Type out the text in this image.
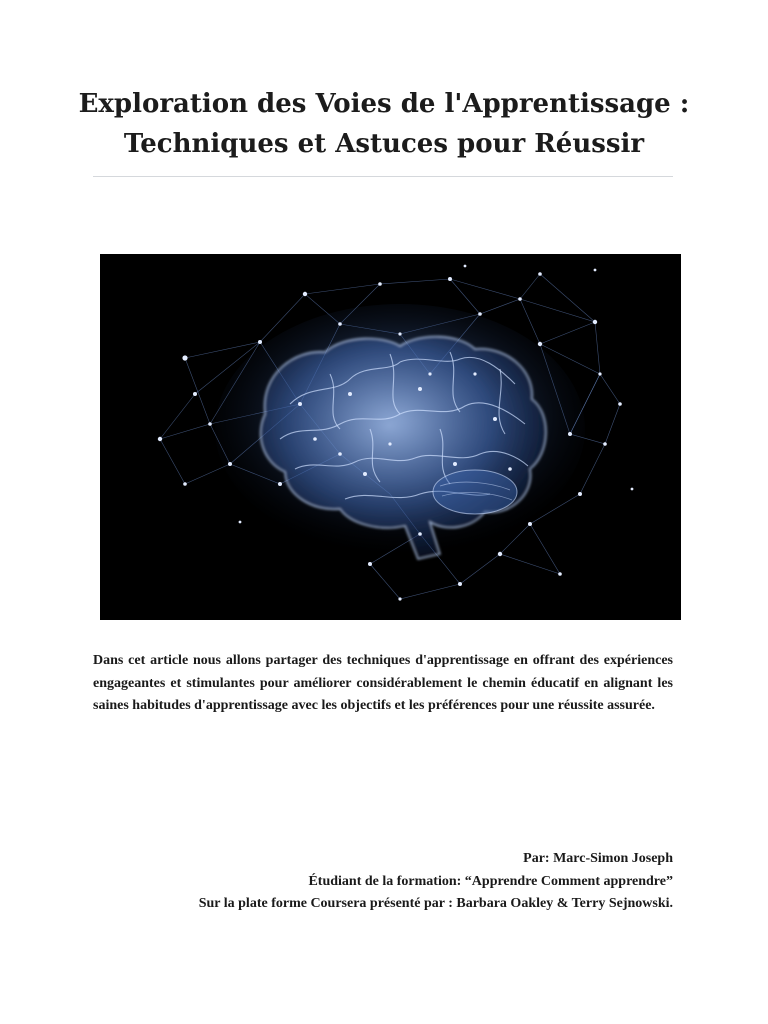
Exploration des Voies de l'Apprentissage :
Techniques et Astuces pour Réussir

Dans cet article nous allons partager des techniques d'apprentissage en offrant des expériences engageantes et stimulantes pour améliorer considérablement le chemin éducatif en alignant les saines habitudes d'apprentissage avec les objectifs et les préférences pour une réussite assurée.

Par: Marc-Simon Joseph
Étudiant de la formation: “Apprendre Comment apprendre”
Sur la plate forme Coursera présenté par : Barbara Oakley & Terry Sejnowski.
